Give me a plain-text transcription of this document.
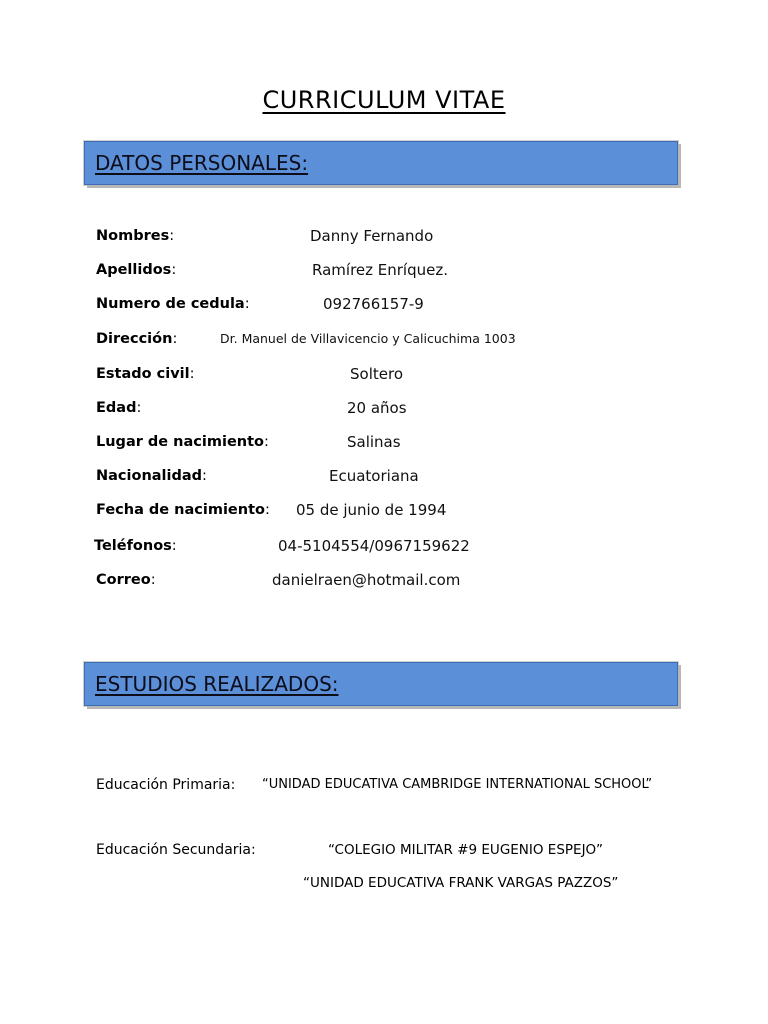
CURRICULUM VITAE
DATOS PERSONALES:
Nombres:	Danny Fernando
Apellidos:	Ramírez Enríquez.
Numero de cedula:	092766157-9
Dirección:	Dr. Manuel de Villavicencio y Calicuchima 1003
Estado civil:	Soltero
Edad:	20 años
Lugar de nacimiento:	Salinas
Nacionalidad:	Ecuatoriana
Fecha de nacimiento: 05 de junio de 1994
Teléfonos:	04-5104554/0967159622
Correo:	danielraen@hotmail.com
ESTUDIOS REALIZADOS:
Educación Primaria: “UNIDAD EDUCATIVA CAMBRIDGE INTERNATIONAL SCHOOL”
Educación Secundaria:	“COLEGIO MILITAR #9 EUGENIO ESPEJO”
“UNIDAD EDUCATIVA FRANK VARGAS PAZZOS”
